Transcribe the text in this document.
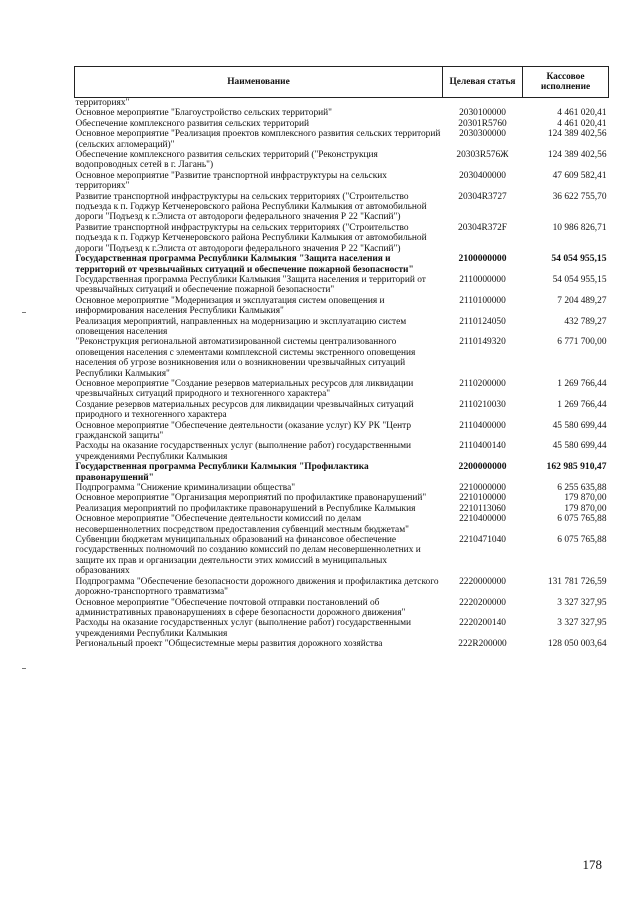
Наименование	Целевая статья	Кассовое исполнение
территориях"		
Основное мероприятие "Благоустройство сельских территорий"	2030100000	4 461 020,41
Обеспечение комплексного развития сельских территорий	20301R5760	4 461 020,41
Основное мероприятие "Реализация проектов комплексного развития сельских территорий (сельских агломераций)"	2030300000	124 389 402,56
Обеспечение комплексного развития сельских территорий ("Реконструкция водопроводных сетей в г. Лагань")	20303R576Ж	124 389 402,56
Основное мероприятие "Развитие транспортной инфраструктуры на сельских территориях"	2030400000	47 609 582,41
Развитие транспортной инфраструктуры на сельских территориях ("Строительство подъезда к п. Годжур Кетченеровского района Республики Калмыкия от автомобильной дороги "Подъезд к г.Элиста от автодороги федерального значения Р 22 "Каспий")	20304R3727	36 622 755,70
Развитие транспортной инфраструктуры на сельских территориях ("Строительство подъезда к п. Годжур Кетченеровского района Республики Калмыкия от автомобильной дороги "Подъезд к г.Элиста от автодороги федерального значения Р 22 "Каспий")	20304R372F	10 986 826,71
Государственная программа Республики Калмыкия "Защита населения и территорий от чрезвычайных ситуаций и обеспечение пожарной безопасности"	2100000000	54 054 955,15
Государственная программа Республики Калмыкия "Защита населения и территорий от чрезвычайных ситуаций и обеспечение пожарной безопасности"	2110000000	54 054 955,15
Основное мероприятие "Модернизация и эксплуатация систем оповещения и информирования населения Республики Калмыкия"	2110100000	7 204 489,27
Реализация мероприятий, направленных на модернизацию и эксплуатацию систем оповещения населения	2110124050	432 789,27
"Реконструкция региональной автоматизированной системы централизованного оповещения населения с элементами комплексной системы экстренного оповещения населения об угрозе возникновения или о возникновении чрезвычайных ситуаций Республики Калмыкия"	2110149320	6 771 700,00
Основное мероприятие "Создание резервов материальных ресурсов для ликвидации чрезвычайных ситуаций природного и техногенного характера"	2110200000	1 269 766,44
Создание резервов материальных ресурсов для ликвидации чрезвычайных ситуаций природного и техногенного характера	2110210030	1 269 766,44
Основное мероприятие "Обеспечение деятельности (оказание услуг) КУ РК "Центр гражданской защиты"	2110400000	45 580 699,44
Расходы на оказание государственных услуг (выполнение работ) государственными учреждениями Республики Калмыкия	2110400140	45 580 699,44
Государственная программа Республики Калмыкия "Профилактика правонарушений"	2200000000	162 985 910,47
Подпрограмма "Снижение криминализации общества"	2210000000	6 255 635,88
Основное мероприятие "Организация мероприятий по профилактике правонарушений"	2210100000	179 870,00
Реализация мероприятий по профилактике правонарушений в Республике Калмыкия	2210113060	179 870,00
Основное мероприятие "Обеспечение деятельности комиссий по делам несовершеннолетних посредством предоставления субвенций местным бюджетам"	2210400000	6 075 765,88
Субвенции бюджетам муниципальных образований на финансовое обеспечение государственных полномочий по созданию комиссий по делам несовершеннолетних и защите их прав и организации деятельности этих комиссий в муниципальных образованиях	2210471040	6 075 765,88
Подпрограмма "Обеспечение безопасности дорожного движения и профилактика детского дорожно-транспортного травматизма"	2220000000	131 781 726,59
Основное мероприятие "Обеспечение почтовой отправки постановлений об административных правонарушениях в сфере безопасности дорожного движения"	2220200000	3 327 327,95
Расходы на оказание государственных услуг (выполнение работ) государственными учреждениями Республики Калмыкия	2220200140	3 327 327,95
Региональный проект "Общесистемные меры развития дорожного хозяйства	222R200000	128 050 003,64
178
